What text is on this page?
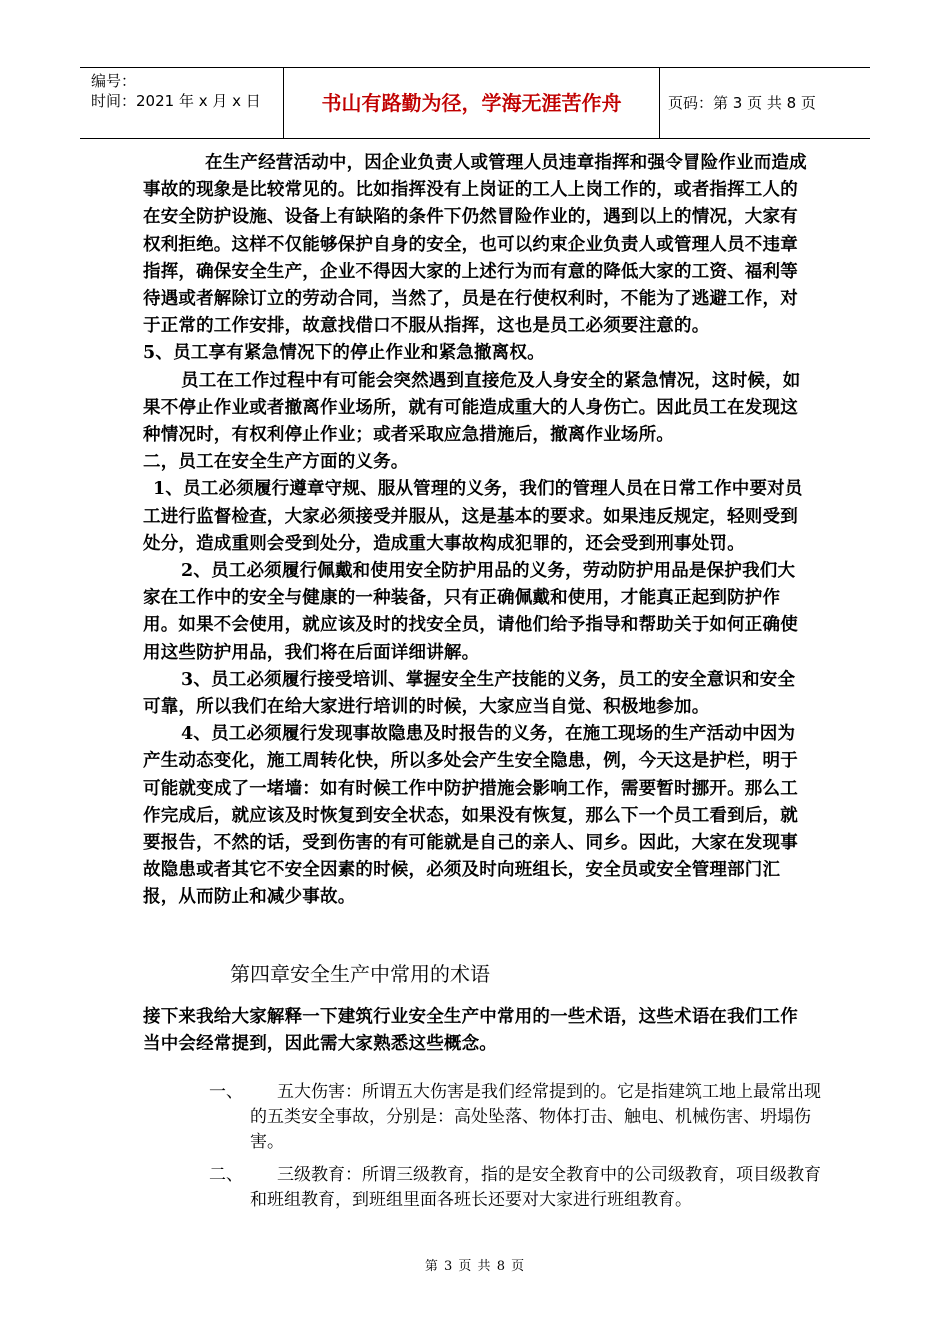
编号：
时间：2021 年 x 月 x 日	书山有路勤为径，学海无涯苦作舟	页码：第 3 页 共 8 页

在生产经营活动中，因企业负责人或管理人员违章指挥和强令冒险作业而造成事故的现象是比较常见的。比如指挥没有上岗证的工人上岗工作的，或者指挥工人的在安全防护设施、设备上有缺陷的条件下仍然冒险作业的，遇到以上的情况，大家有权利拒绝。这样不仅能够保护自身的安全，也可以约束企业负责人或管理人员不违章指挥，确保安全生产，企业不得因大家的上述行为而有意的降低大家的工资、福利等待遇或者解除订立的劳动合同，当然了，员是在行使权利时，不能为了逃避工作，对于正常的工作安排，故意找借口不服从指挥，这也是员工必须要注意的。

5、员工享有紧急情况下的停止作业和紧急撤离权。

员工在工作过程中有可能会突然遇到直接危及人身安全的紧急情况，这时候，如果不停止作业或者撤离作业场所，就有可能造成重大的人身伤亡。因此员工在发现这种情况时，有权利停止作业；或者采取应急措施后，撤离作业场所。

二，员工在安全生产方面的义务。

1、员工必须履行遵章守规、服从管理的义务，我们的管理人员在日常工作中要对员工进行监督检查，大家必须接受并服从，这是基本的要求。如果违反规定，轻则受到处分，造成重则会受到处分，造成重大事故构成犯罪的，还会受到刑事处罚。

2、员工必须履行佩戴和使用安全防护用品的义务，劳动防护用品是保护我们大家在工作中的安全与健康的一种装备，只有正确佩戴和使用，才能真正起到防护作用。如果不会使用，就应该及时的找安全员，请他们给予指导和帮助关于如何正确使用这些防护用品，我们将在后面详细讲解。

3、员工必须履行接受培训、掌握安全生产技能的义务，员工的安全意识和安全可靠，所以我们在给大家进行培训的时候，大家应当自觉、积极地参加。

4、员工必须履行发现事故隐患及时报告的义务，在施工现场的生产活动中因为产生动态变化，施工周转化快，所以多处会产生安全隐患，例，今天这是护栏，明于可能就变成了一堵墙：如有时候工作中防护措施会影响工作，需要暂时挪开。那么工作完成后，就应该及时恢复到安全状态，如果没有恢复，那么下一个员工看到后，就要报告，不然的话，受到伤害的有可能就是自己的亲人、同乡。因此，大家在发现事故隐患或者其它不安全因素的时候，必须及时向班组长，安全员或安全管理部门汇报，从而防止和减少事故。

第四章安全生产中常用的术语

接下来我给大家解释一下建筑行业安全生产中常用的一些术语，这些术语在我们工作当中会经常提到，因此需大家熟悉这些概念。

一、	五大伤害：所谓五大伤害是我们经常提到的。它是指建筑工地上最常出现的五类安全事故，分别是：高处坠落、物体打击、触电、机械伤害、坍塌伤害。
二、	三级教育：所谓三级教育，指的是安全教育中的公司级教育，项目级教育和班组教育，到班组里面各班长还要对大家进行班组教育。
第 3 页 共 8 页
